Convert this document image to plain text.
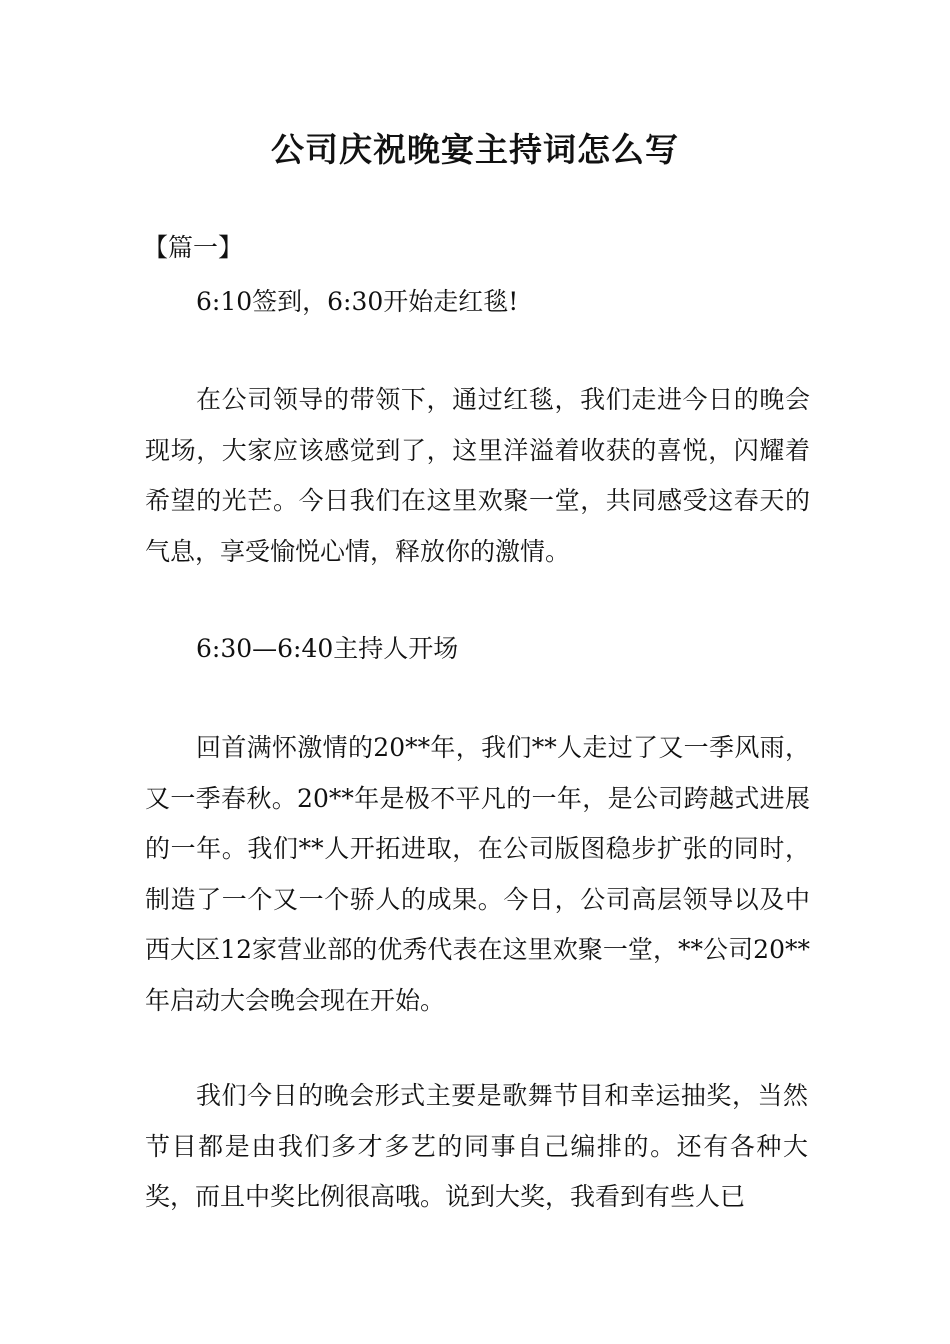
公司庆祝晚宴主持词怎么写

【篇一】

6:10签到，6:30开始走红毯!

在公司领导的带领下，通过红毯，我们走进今日的晚会现场，大家应该感觉到了，这里洋溢着收获的喜悦，闪耀着希望的光芒。今日我们在这里欢聚一堂，共同感受这春天的气息，享受愉悦心情，释放你的激情。

6:30—6:40主持人开场

回首满怀激情的20**年，我们**人走过了又一季风雨，又一季春秋。20**年是极不平凡的一年，是公司跨越式进展的一年。我们**人开拓进取，在公司版图稳步扩张的同时，制造了一个又一个骄人的成果。今日，公司高层领导以及中西大区12家营业部的优秀代表在这里欢聚一堂，**公司20**年启动大会晚会现在开始。

我们今日的晚会形式主要是歌舞节目和幸运抽奖，当然节目都是由我们多才多艺的同事自己编排的。还有各种大奖，而且中奖比例很高哦。说到大奖，我看到有些人已
